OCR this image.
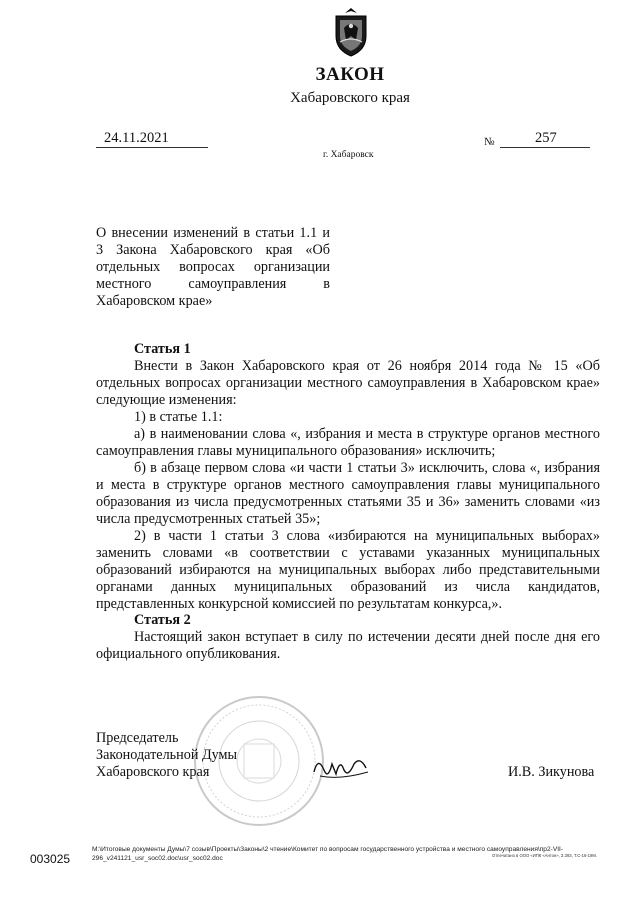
ЗАКОН
Хабаровского края
24.11.2021
г. Хабаровск
№	257
О внесении изменений в статьи 1.1 и 3 Закона Хабаровского края «Об отдельных вопросах организации местного самоуправления в Хабаровском крае»

Статья 1

Внести в Закон Хабаровского края от 26 ноября 2014 года № 15 «Об отдельных вопросах организации местного самоуправления в Хабаровском крае» следующие изменения:

1) в статье 1.1:

а) в наименовании слова «, избрания и места в структуре органов местного самоуправления главы муниципального образования» исключить;

б) в абзаце первом слова «и части 1 статьи 3» исключить, слова «, избрания и места в структуре органов местного самоуправления главы муниципального образования из числа предусмотренных статьями 35 и 36» заменить словами «из числа предусмотренных статьей 35»;

2) в части 1 статьи 3 слова «избираются на муниципальных выборах» заменить словами «в соответствии с уставами указанных муниципальных образований избираются на муниципальных выборах либо представительными органами данных муниципальных образований из числа кандидатов, представленных конкурсной комиссией по результатам конкурса,».

Статья 2

Настоящий закон вступает в силу по истечении десяти дней после дня его официального опубликования.

Председатель
Законодательной Думы
Хабаровского края	И.В. Зикунова
003025
M:\Итоговые документы Думы\7 созыв\Проекты\Законы\2 чтение\Комитет по вопросам государственного устройства и местного самоуправления\пр2-VII-296_v241121_usr_soc02.doc\usr_soc02.doc	Отпечатано в ООО «ИПК «Антон», З.393, Т.С-16-19М.
